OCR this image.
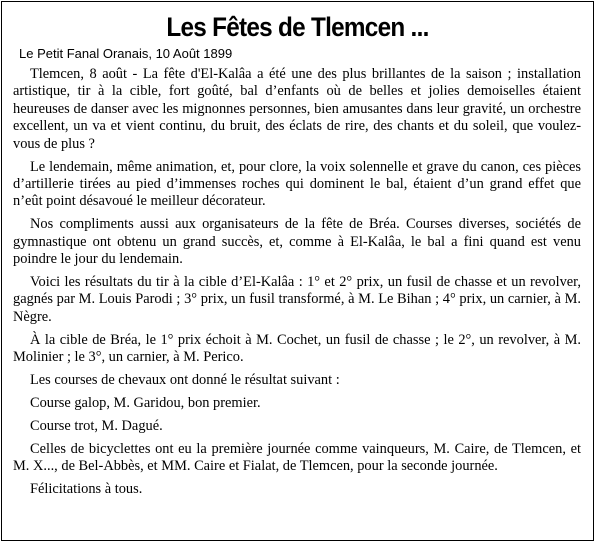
Les Fêtes de Tlemcen ...
Le Petit Fanal Oranais, 10 Août 1899

Tlemcen, 8 août - La fête d'El-Kalâa a été une des plus brillantes de la saison ; installation artistique, tir à la cible, fort goûté, bal d’enfants où de belles et jolies demoiselles étaient heureuses de danser avec les mignonnes personnes, bien amusantes dans leur gravité, un orchestre excellent, un va et vient continu, du bruit, des éclats de rire, des chants et du soleil, que voulez-vous de plus ?

Le lendemain, même animation, et, pour clore, la voix solennelle et grave du canon, ces pièces d’artillerie tirées au pied d’immenses roches qui dominent le bal, étaient d’un grand effet que n’eût point désavoué le meilleur décorateur.

Nos compliments aussi aux organisateurs de la fête de Bréa. Courses diverses, sociétés de gymnastique ont obtenu un grand succès, et, comme à El-Kalâa, le bal a fini quand est venu poindre le jour du lendemain.

Voici les résultats du tir à la cible d’El-Kalâa : 1° et 2° prix, un fusil de chasse et un revolver, gagnés par M. Louis Parodi ; 3° prix, un fusil transformé, à M. Le Bihan ; 4° prix, un carnier, à M. Nègre.

À la cible de Bréa, le 1° prix échoit à M. Cochet, un fusil de chasse ; le 2°, un revolver, à M. Molinier ; le 3°, un carnier, à M. Perico.

Les courses de chevaux ont donné le résultat suivant :

Course galop, M. Garidou, bon premier.

Course trot, M. Dagué.

Celles de bicyclettes ont eu la première journée comme vainqueurs, M. Caire, de Tlemcen, et M. X..., de Bel-Abbès, et MM. Caire et Fialat, de Tlemcen, pour la seconde journée.

Félicitations à tous.
